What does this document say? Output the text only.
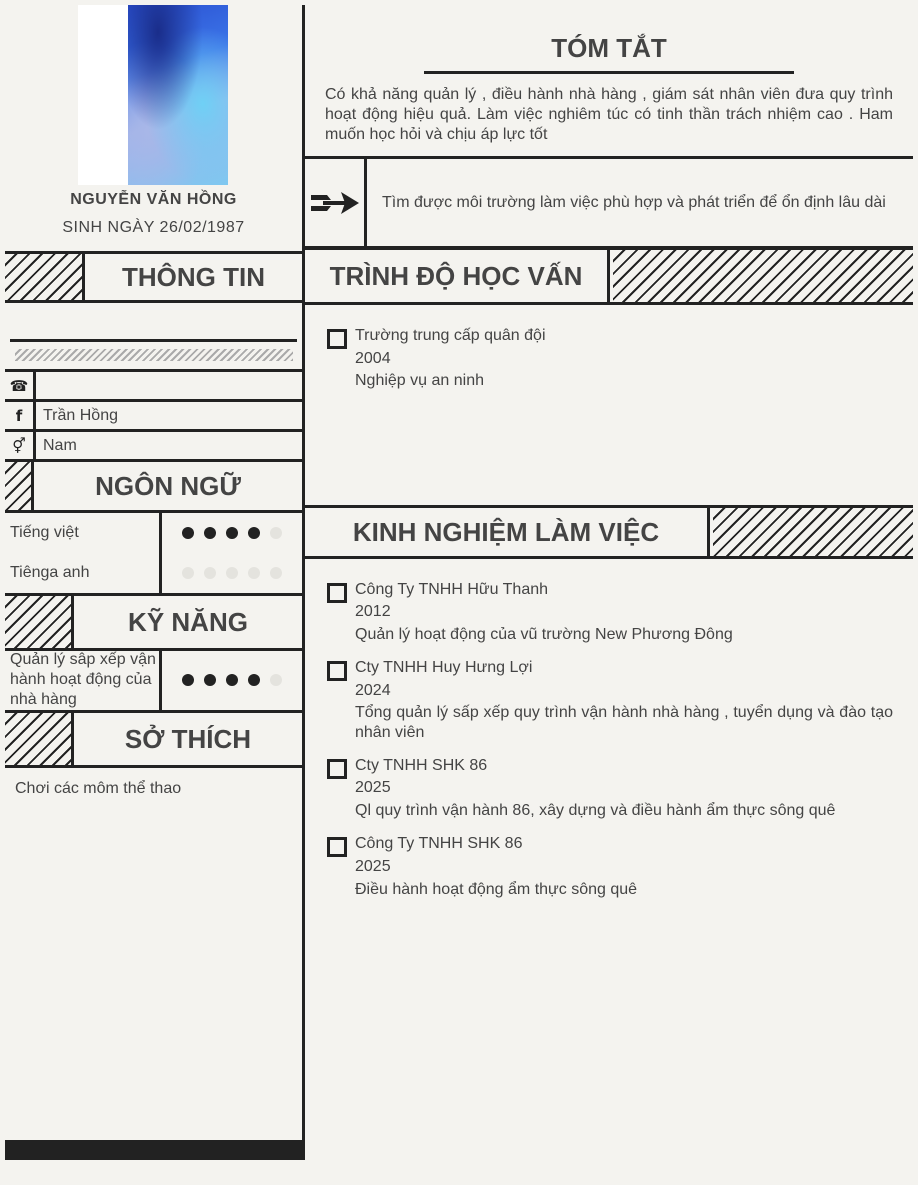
NGUYỄN VĂN HỒNG
SINH NGÀY 26/02/1987
THÔNG TIN
☎
f	Trần Hồng
⚥	Nam
NGÔN NGỮ
Tiếng việt
Tiênga anh
KỸ NĂNG
Quản lý sâp xếp vận hành hoạt động của nhà hàng
SỞ THÍCH
Chơi các môm thể thao
TÓM TẮT
Có khả năng quản lý , điều hành nhà hàng , giám sát nhân viên đưa quy trình hoạt động hiệu quả. Làm việc nghiêm túc có tinh thần trách nhiệm cao . Ham muốn học hỏi và chịu áp lực tốt
Tìm được môi trường làm việc phù hợp và phát triển để ổn định lâu dài
TRÌNH ĐỘ HỌC VẤN
Trường trung cấp quân đội
2004
Nghiệp vụ an ninh
KINH NGHIỆM LÀM VIỆC
Công Ty TNHH Hữu Thanh
2012
Quản lý hoạt động của vũ trường New Phương Đông
Cty TNHH Huy Hưng Lợi
2024
Tổng quản lý sấp xếp quy trình vận hành nhà hàng , tuyển dụng và đào tạo nhân viên
Cty TNHH SHK 86
2025
Ql quy trình vận hành 86, xây dựng và điều hành ẩm thực sông quê
Công Ty TNHH SHK 86
2025
Điều hành hoạt động ẩm thực sông quê
